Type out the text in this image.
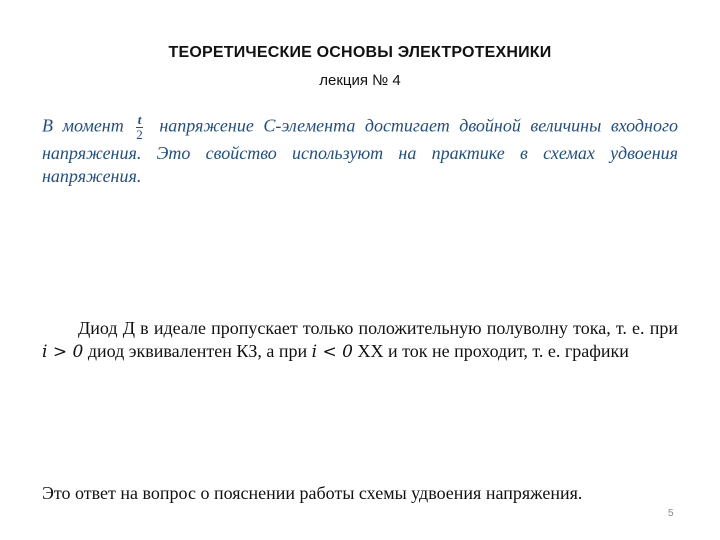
ТЕОРЕТИЧЕСКИЕ ОСНОВЫ ЭЛЕКТРОТЕХНИКИ
лекция № 4
В момент $\frac{t}{2}$ напряжение С-элемента достигает двойной величины входного напряжения. Это свойство используют на практике в схемах удвоения напряжения.
Диод Д в идеале пропускает только положительную полуволну тока, т. е. при i > 0 диод эквивалентен КЗ, а при i < 0 ХХ и ток не проходит, т. е. графики
Это ответ на вопрос о пояснении работы схемы удвоения напряжения.
5
